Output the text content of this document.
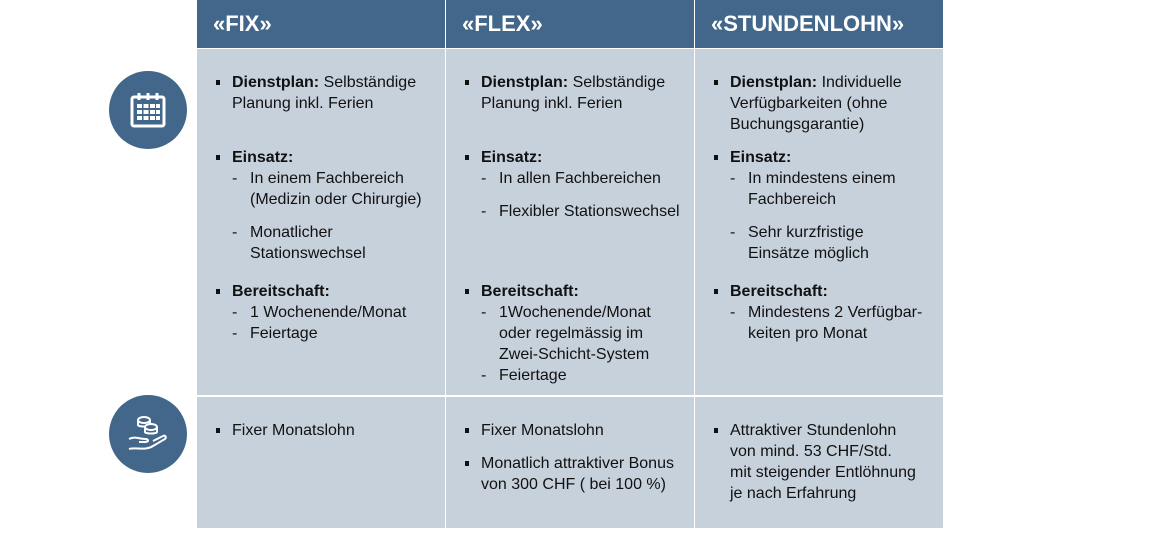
«FIX»
Dienstplan: Selbständige
Planung inkl. Ferien
Einsatz:
- In einem Fachbereich
(Medizin oder Chirurgie)
- Monatlicher
Stationswechsel
Bereitschaft:
- 1 Wochenende/Monat
- Feiertage
Fixer Monatslohn
«FLEX»
Dienstplan: Selbständige
Planung inkl. Ferien
Einsatz:
- In allen Fachbereichen
- Flexibler Stationswechsel
Bereitschaft:
- 1Wochenende/Monat
oder regelmässig im
Zwei-Schicht-System
- Feiertage
Fixer Monatslohn
Monatlich attraktiver Bonus
von 300 CHF ( bei 100 %)
«STUNDENLOHN»
Dienstplan: Individuelle
Verfügbarkeiten (ohne
Buchungsgarantie)
Einsatz:
- In mindestens einem
Fachbereich
- Sehr kurzfristige
Einsätze möglich
Bereitschaft:
- Mindestens 2 Verfügbar-
keiten pro Monat
Attraktiver Stundenlohn
von mind. 53 CHF/Std.
mit steigender Entlöhnung
je nach Erfahrung
